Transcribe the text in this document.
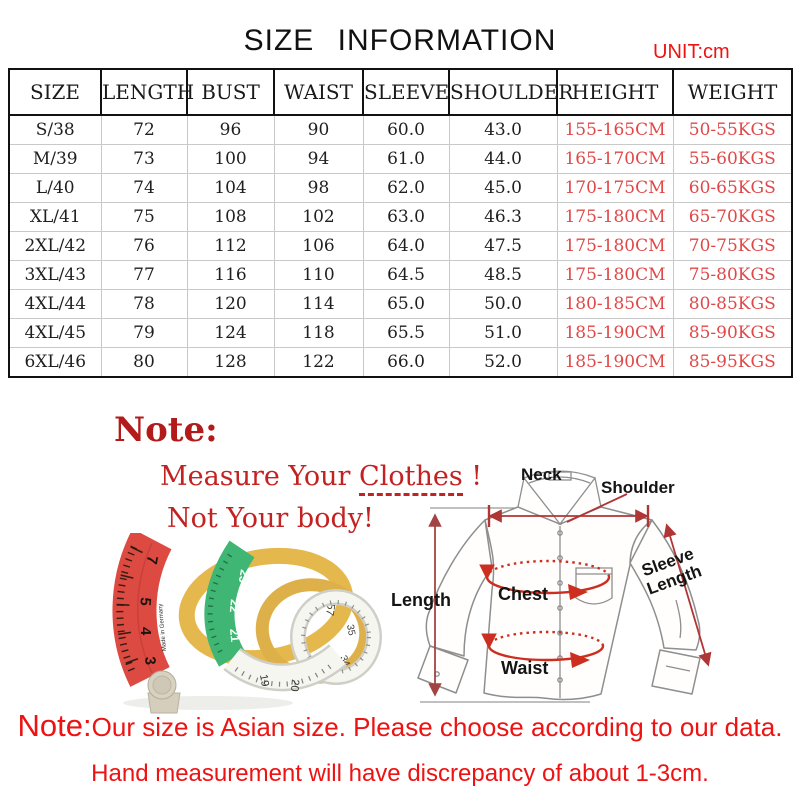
SIZE INFORMATION	UNIT:cm
SIZE	LENGTH	BUST	WAIST	SLEEVE	SHOULDER	HEIGHT	WEIGHT
S/38	72	96	90	60.0	43.0	155-165CM	50-55KGS
M/39	73	100	94	61.0	44.0	165-170CM	55-60KGS
L/40	74	104	98	62.0	45.0	170-175CM	60-65KGS
XL/41	75	108	102	63.0	46.3	175-180CM	65-70KGS
2XL/42	76	112	106	64.0	47.5	175-180CM	70-75KGS
3XL/43	77	116	110	64.5	48.5	175-180CM	75-80KGS
4XL/44	78	120	114	65.0	50.0	180-185CM	80-85KGS
4XL/45	79	124	118	65.5	51.0	185-190CM	85-90KGS
6XL/46	80	128	122	66.0	52.0	185-190CM	85-95KGS
Note:
Measure Your Clothes !
Not Your body!
57
35
34
23
22
21
19 20
7
5
4
3
Made in Germany
Neck
Shoulder
Length	Chest
Waist
Sleeve Length
Note:Our size is Asian size. Please choose according to our data.
Hand measurement will have discrepancy of about 1-3cm.
